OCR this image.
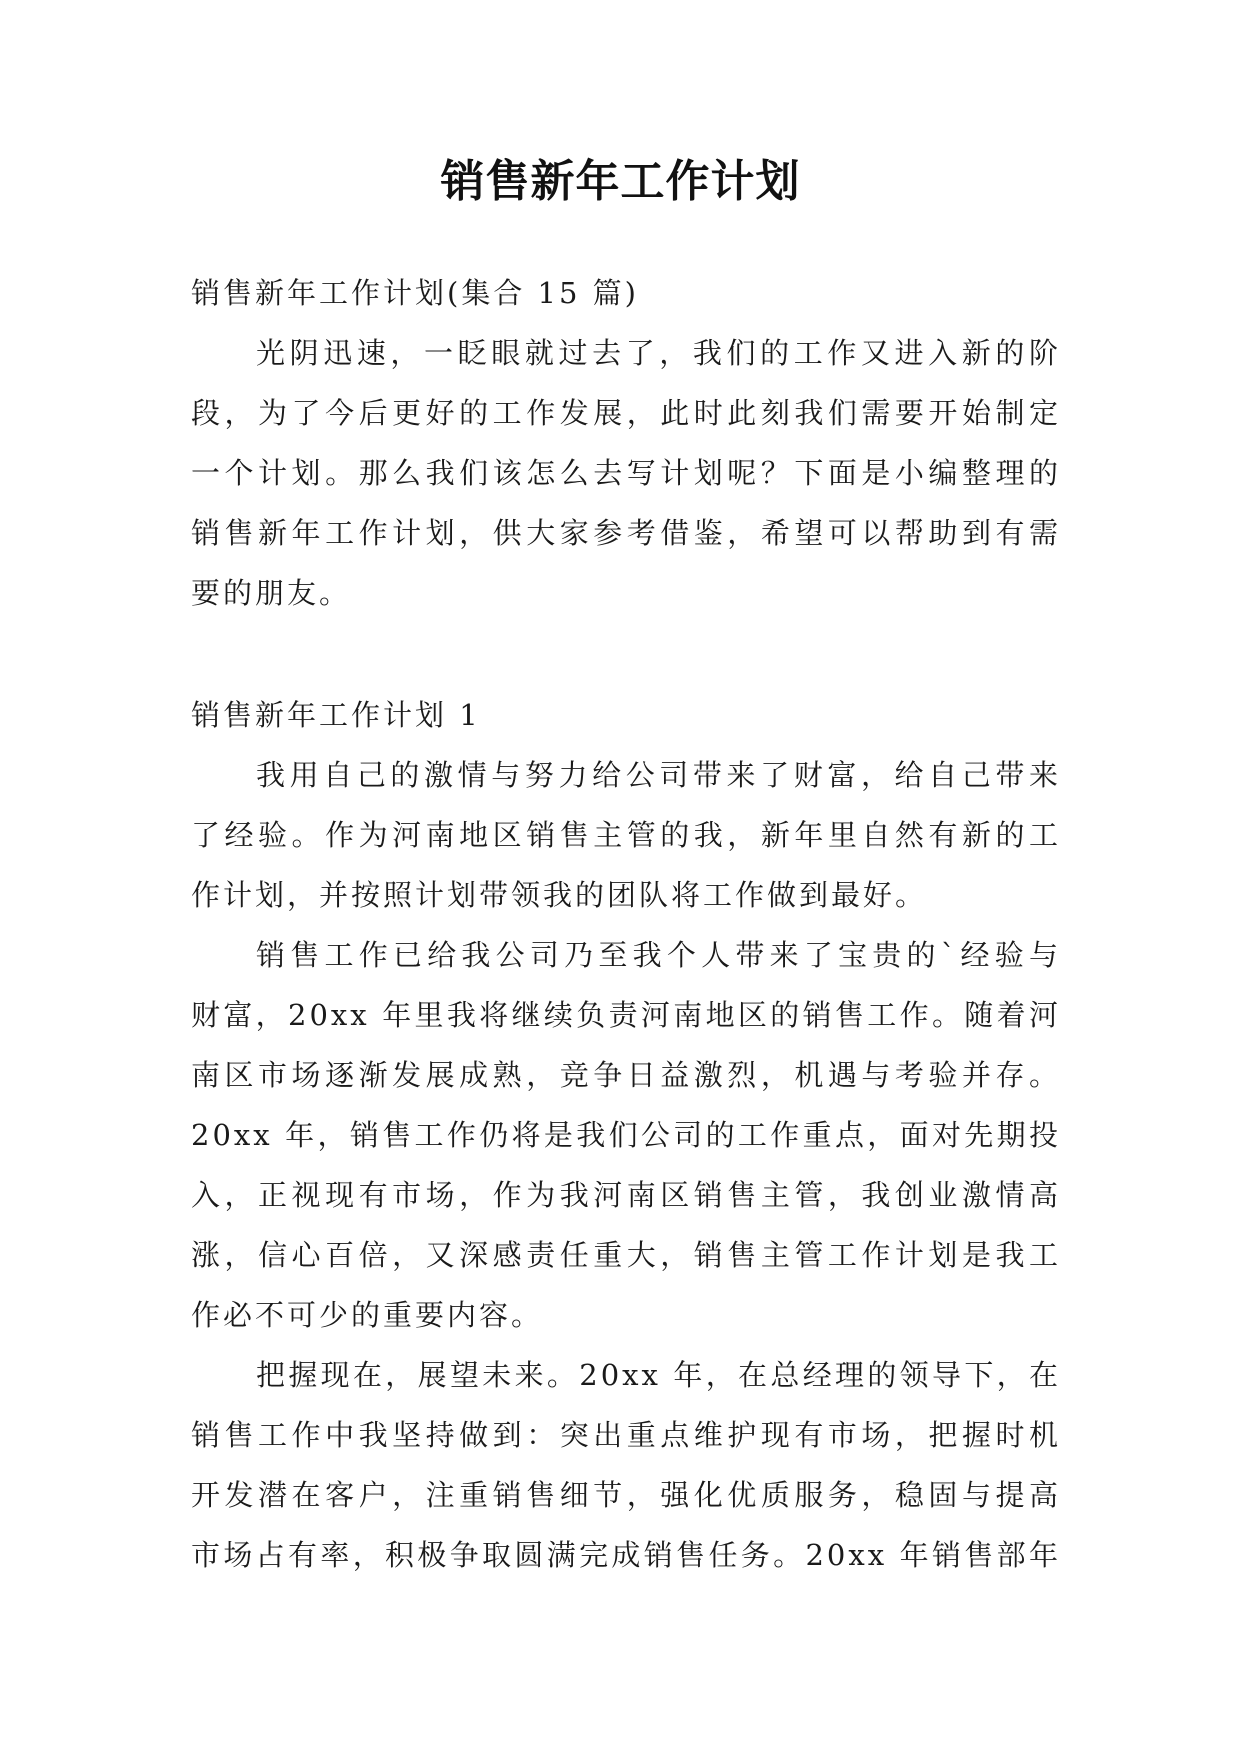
销售新年工作计划
销售新年工作计划(集合 15 篇)
光阴迅速，一眨眼就过去了，我们的工作又进入新的阶
段，为了今后更好的工作发展，此时此刻我们需要开始制定
一个计划。那么我们该怎么去写计划呢？下面是小编整理的
销售新年工作计划，供大家参考借鉴，希望可以帮助到有需
要的朋友。
销售新年工作计划 1
我用自己的激情与努力给公司带来了财富，给自己带来
了经验。作为河南地区销售主管的我，新年里自然有新的工
作计划，并按照计划带领我的团队将工作做到最好。
销售工作已给我公司乃至我个人带来了宝贵的`经验与
财富，20xx 年里我将继续负责河南地区的销售工作。随着河
南区市场逐渐发展成熟，竞争日益激烈，机遇与考验并存。
20xx 年，销售工作仍将是我们公司的工作重点，面对先期投
入，正视现有市场，作为我河南区销售主管，我创业激情高
涨，信心百倍，又深感责任重大，销售主管工作计划是我工
作必不可少的重要内容。
把握现在，展望未来。20xx 年，在总经理的领导下，在
销售工作中我坚持做到：突出重点维护现有市场，把握时机
开发潜在客户，注重销售细节，强化优质服务，稳固与提高
市场占有率，积极争取圆满完成销售任务。20xx 年销售部年
